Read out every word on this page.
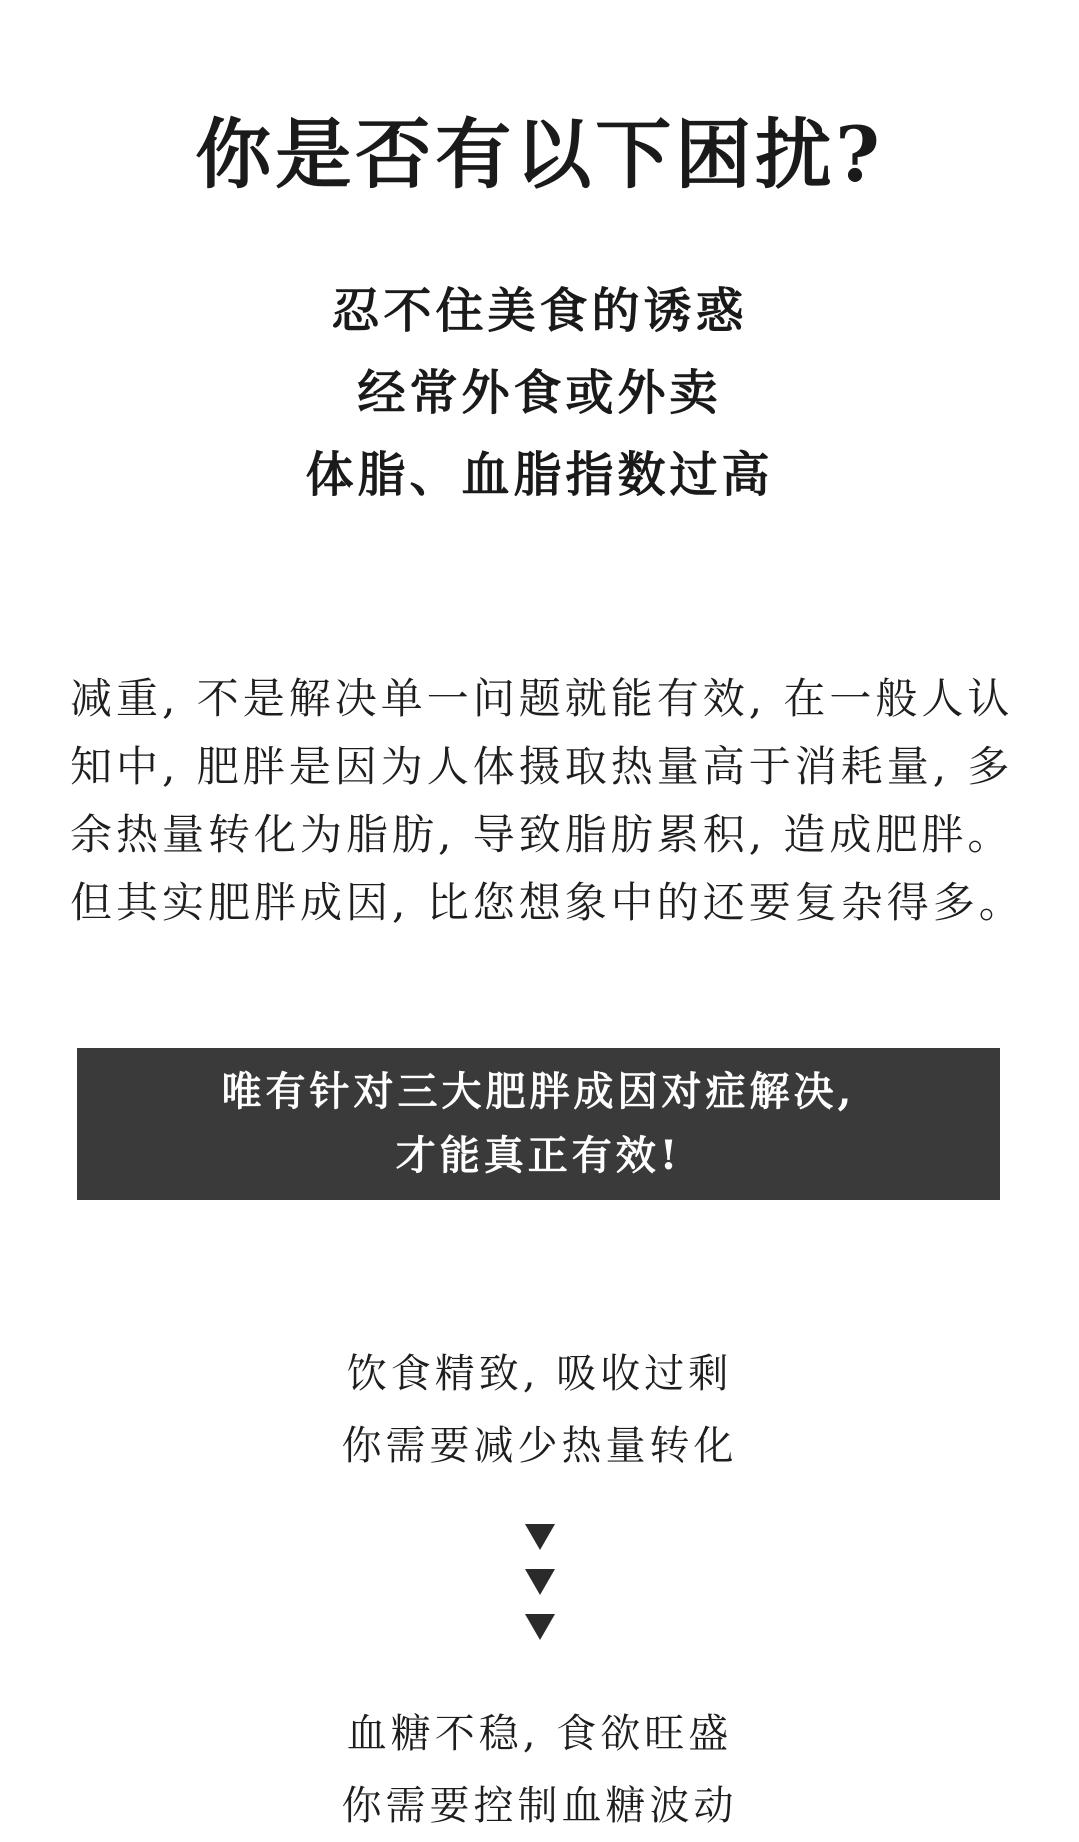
你是否有以下困扰?
忍不住美食的诱惑
经常外食或外卖
体脂、血脂指数过高
减重, 不是解决单一问题就能有效, 在一般人认
知中, 肥胖是因为人体摄取热量高于消耗量, 多
余热量转化为脂肪, 导致脂肪累积, 造成肥胖。
但其实肥胖成因, 比您想象中的还要复杂得多。
唯有针对三大肥胖成因对症解决,
才能真正有效!
饮食精致, 吸收过剩
你需要减少热量转化
血糖不稳, 食欲旺盛
你需要控制血糖波动
